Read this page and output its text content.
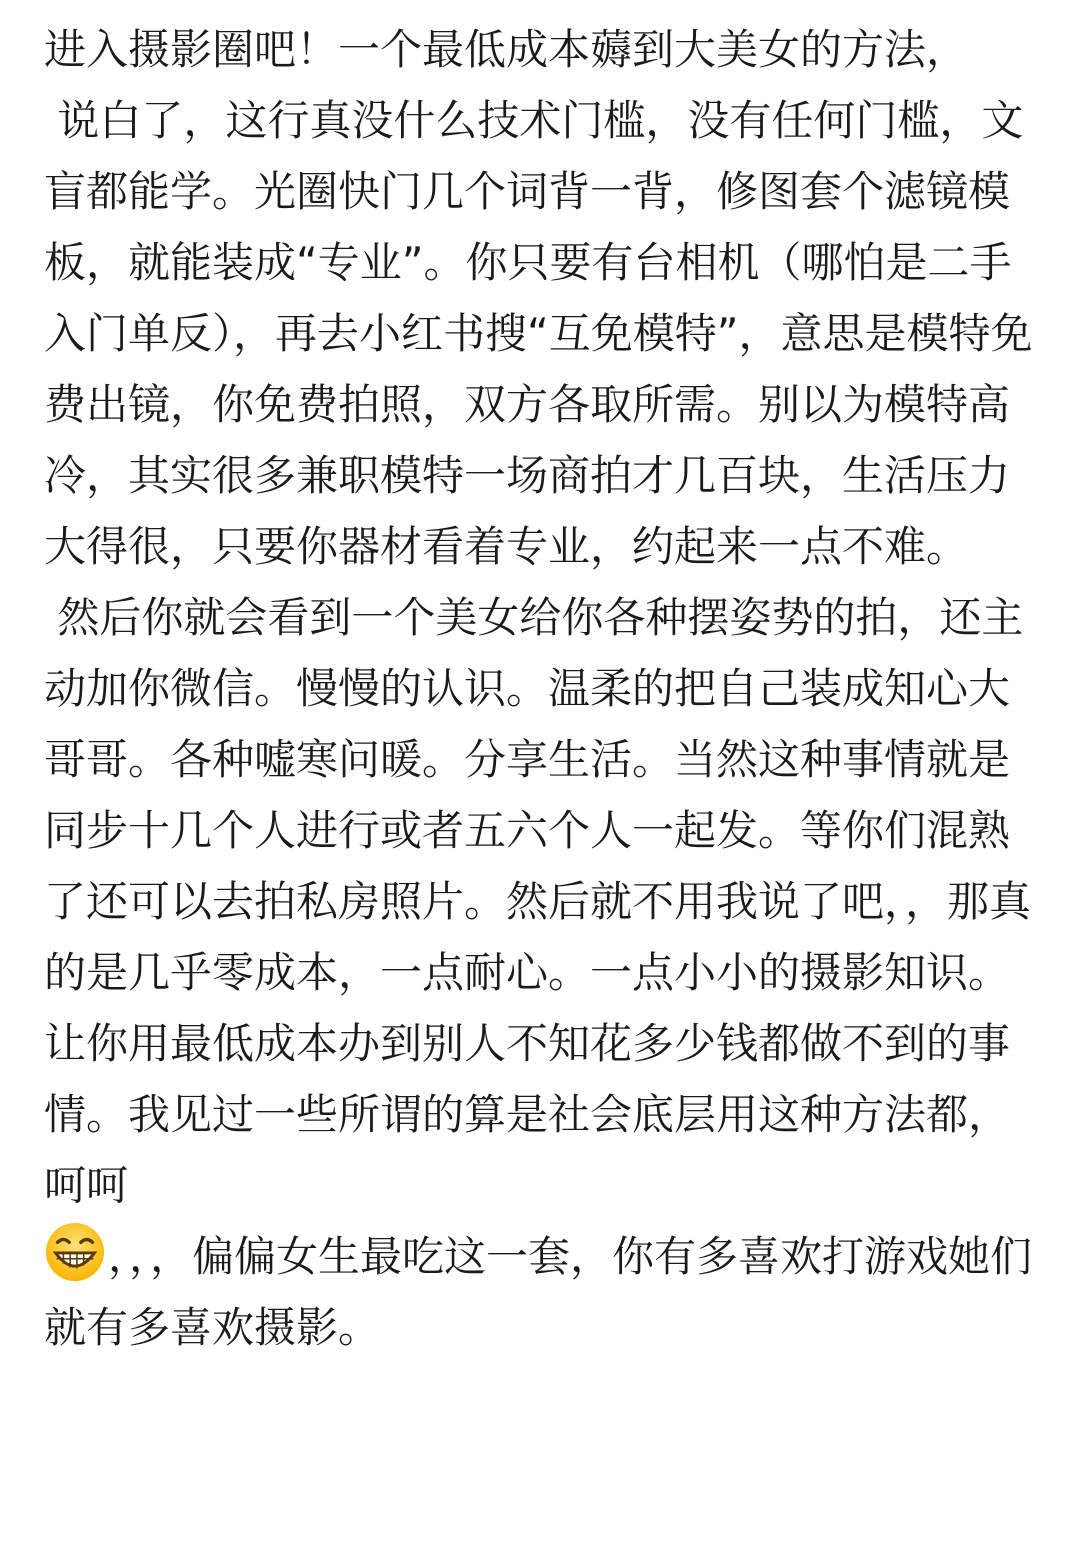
进入摄影圈吧！一个最低成本薅到大美女的方法，

说白了，这行真没什么技术门槛，没有任何门槛，文盲都能学。光圈快门几个词背一背，修图套个滤镜模板，就能装成“专业”。你只要有台相机（哪怕是二手入门单反），再去小红书搜“互免模特”，意思是模特免费出镜，你免费拍照，双方各取所需。别以为模特高冷，其实很多兼职模特一场商拍才几百块，生活压力大得很，只要你器材看着专业，约起来一点不难。

然后你就会看到一个美女给你各种摆姿势的拍，还主动加你微信。慢慢的认识。温柔的把自己装成知心大哥哥。各种嘘寒问暖。分享生活。当然这种事情就是同步十几个人进行或者五六个人一起发。等你们混熟了还可以去拍私房照片。然后就不用我说了吧，，那真的是几乎零成本，一点耐心。一点小小的摄影知识。让你用最低成本办到别人不知花多少钱都做不到的事情。我见过一些所谓的算是社会底层用这种方法都，呵呵
，，，偏偏女生最吃这一套，你有多喜欢打游戏她们就有多喜欢摄影。
